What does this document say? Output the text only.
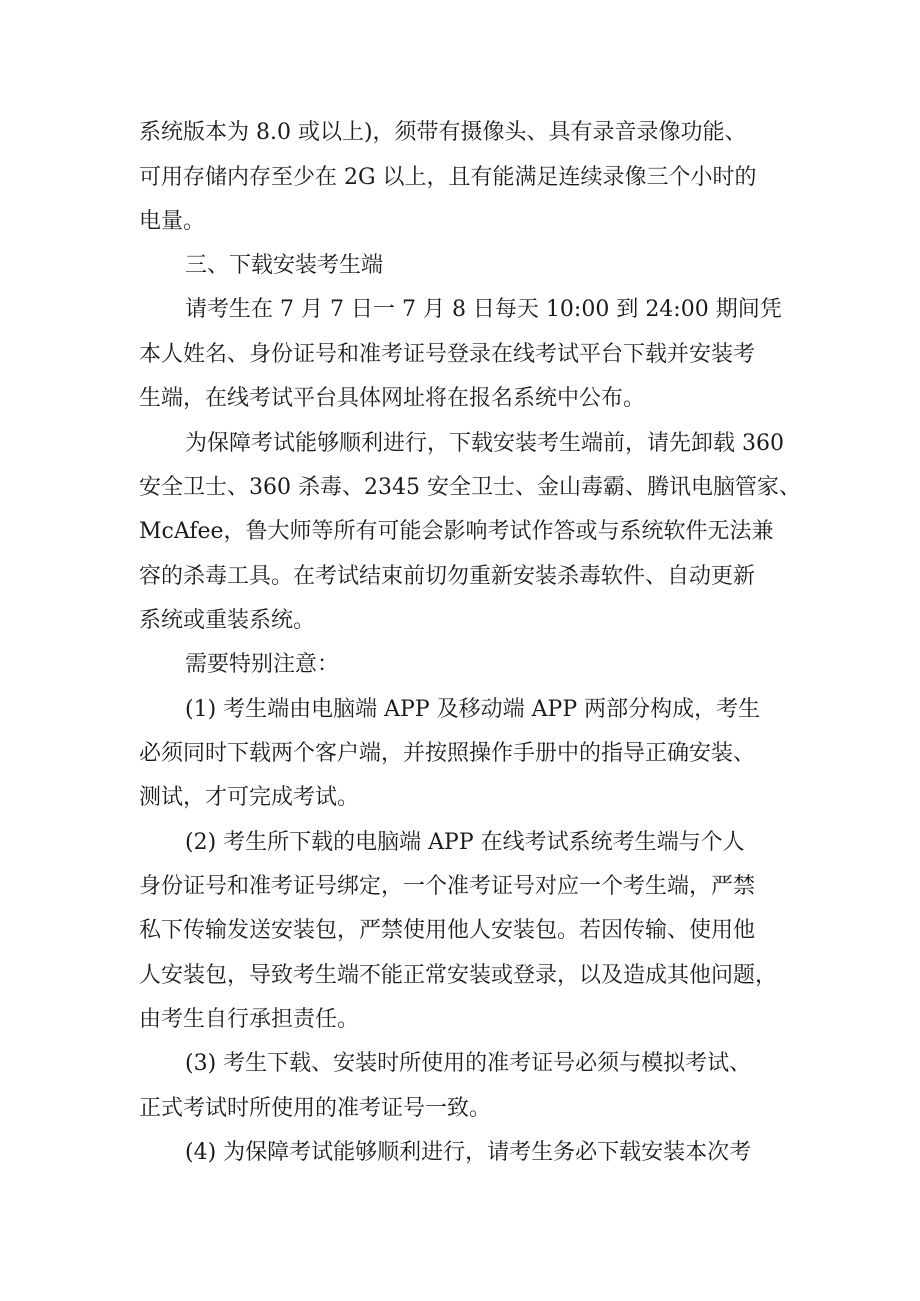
系统版本为 8.0 或以上)，须带有摄像头、具有录音录像功能、
可用存储内存至少在 2G 以上，且有能满足连续录像三个小时的
电量。
三、下载安装考生端
请考生在 7 月 7 日一 7 月 8 日每天 10:00 到 24:00 期间凭
本人姓名、身份证号和准考证号登录在线考试平台下载并安装考
生端，在线考试平台具体网址将在报名系统中公布。
为保障考试能够顺利进行，下载安装考生端前，请先卸载 360
安全卫士、360 杀毒、2345 安全卫士、金山毒霸、腾讯电脑管家、
McAfee，鲁大师等所有可能会影响考试作答或与系统软件无法兼
容的杀毒工具。在考试结束前切勿重新安装杀毒软件、自动更新
系统或重装系统。
需要特别注意：
(1) 考生端由电脑端 APP 及移动端 APP 两部分构成，考生
必须同时下载两个客户端，并按照操作手册中的指导正确安装、
测试，才可完成考试。
(2) 考生所下载的电脑端 APP 在线考试系统考生端与个人
身份证号和准考证号绑定，一个准考证号对应一个考生端，严禁
私下传输发送安装包，严禁使用他人安装包。若因传输、使用他
人安装包，导致考生端不能正常安装或登录，以及造成其他问题，
由考生自行承担责任。
(3) 考生下载、安装时所使用的准考证号必须与模拟考试、
正式考试时所使用的准考证号一致。
(4) 为保障考试能够顺利进行，请考生务必下载安装本次考
